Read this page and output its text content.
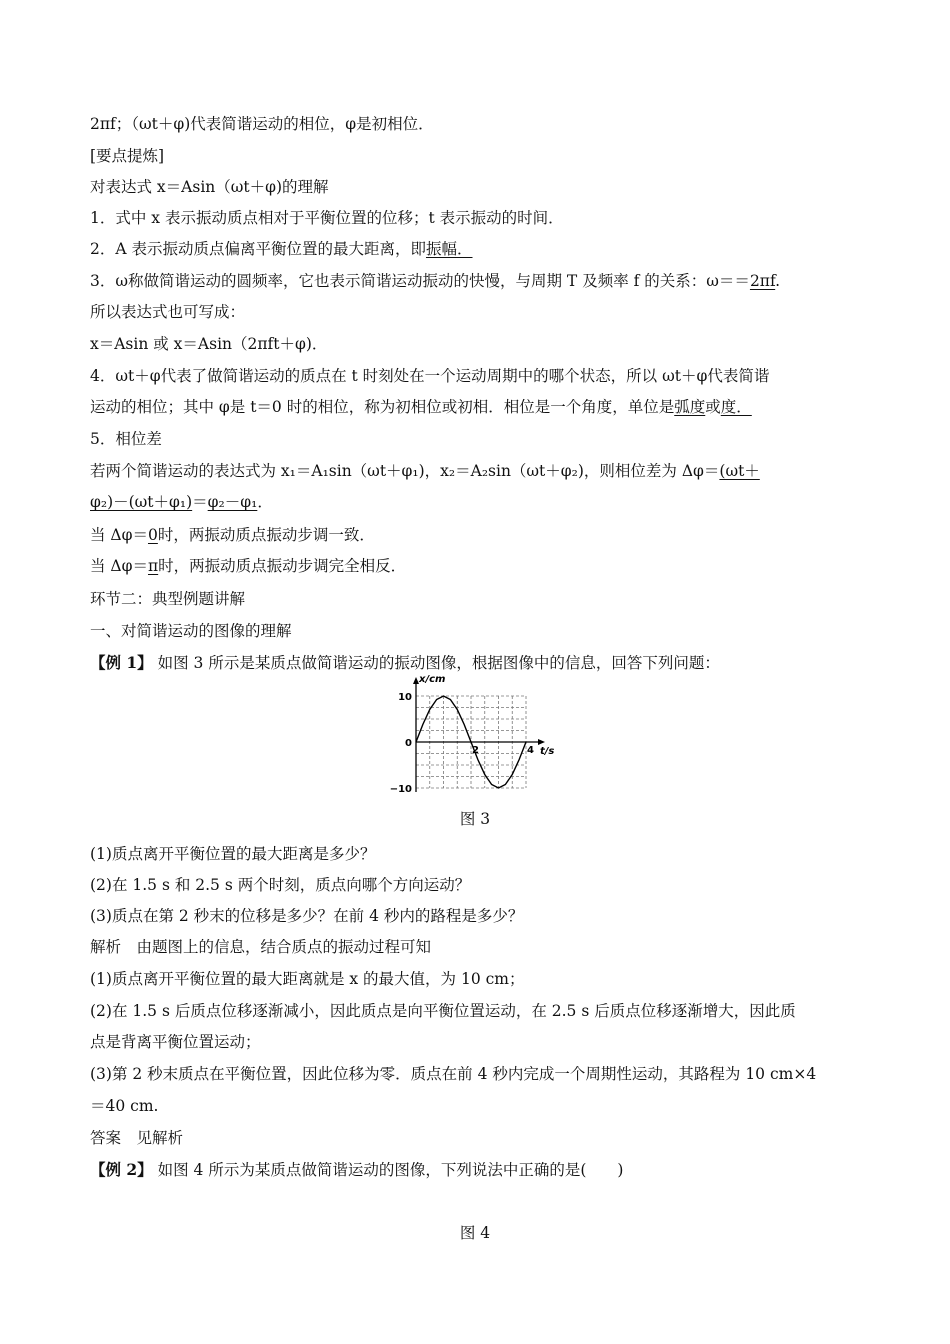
2πf；（ωt＋φ)代表简谐运动的相位，φ是初相位．
[要点提炼]
对表达式 x＝Asin（ωt＋φ)的理解
1．式中 x 表示振动质点相对于平衡位置的位移；t 表示振动的时间．
2．A 表示振动质点偏离平衡位置的最大距离，即振幅．
3．ω称做简谐运动的圆频率，它也表示简谐运动振动的快慢，与周期 T 及频率 f 的关系：ω＝＝2πf.
所以表达式也可写成：
x＝Asin 或 x＝Asin（2πft＋φ)．
4．ωt＋φ代表了做简谐运动的质点在 t 时刻处在一个运动周期中的哪个状态，所以 ωt＋φ代表简谐
运动的相位；其中 φ是 t＝0 时的相位，称为初相位或初相．相位是一个角度，单位是弧度或度．
5．相位差
若两个简谐运动的表达式为 x₁＝A₁sin（ωt＋φ₁)，x₂＝A₂sin（ωt＋φ₂)，则相位差为 Δφ＝(ωt＋
φ₂)－(ωt＋φ₁)＝φ₂－φ₁．
当 Δφ＝0时，两振动质点振动步调一致．
当 Δφ＝π时，两振动质点振动步调完全相反．
环节二：典型例题讲解
一、对简谐运动的图像的理解
【例 1】 如图 3 所示是某质点做简谐运动的振动图像，根据图像中的信息，回答下列问题：
x/cm
t/s
10
0
−10
2	4
图 3
(1)质点离开平衡位置的最大距离是多少？
(2)在 1.5 s 和 2.5 s 两个时刻，质点向哪个方向运动？
(3)质点在第 2 秒末的位移是多少？在前 4 秒内的路程是多少？
解析　由题图上的信息，结合质点的振动过程可知
(1)质点离开平衡位置的最大距离就是 x 的最大值，为 10 cm；
(2)在 1.5 s 后质点位移逐渐减小，因此质点是向平衡位置运动，在 2.5 s 后质点位移逐渐增大，因此质
点是背离平衡位置运动；
(3)第 2 秒末质点在平衡位置，因此位移为零．质点在前 4 秒内完成一个周期性运动，其路程为 10 cm×4
＝40 cm.
答案　见解析
【例 2】 如图 4 所示为某质点做简谐运动的图像，下列说法中正确的是(　　)
图 4
